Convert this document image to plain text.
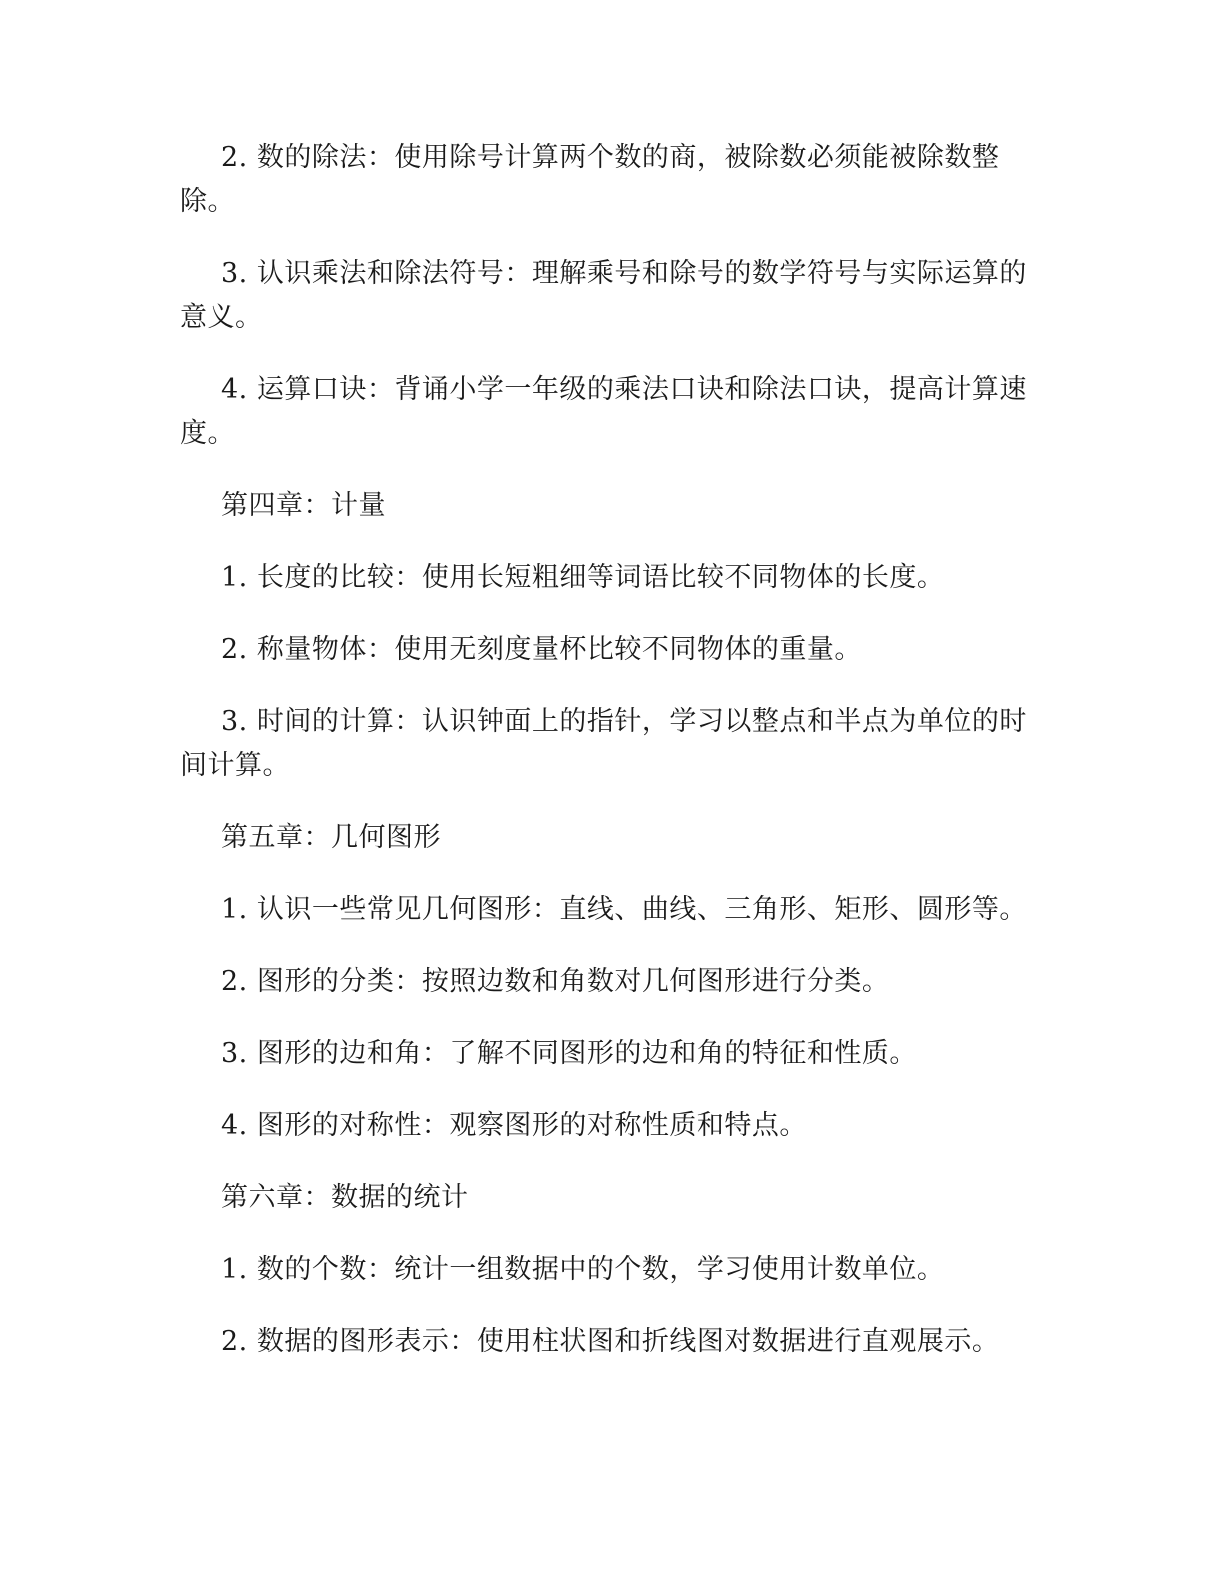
2. 数的除法：使用除号计算两个数的商，被除数必须能被除数整除。

3. 认识乘法和除法符号：理解乘号和除号的数学符号与实际运算的意义。

4. 运算口诀：背诵小学一年级的乘法口诀和除法口诀，提高计算速度。

第四章：计量

1. 长度的比较：使用长短粗细等词语比较不同物体的长度。

2. 称量物体：使用无刻度量杯比较不同物体的重量。

3. 时间的计算：认识钟面上的指针，学习以整点和半点为单位的时间计算。

第五章：几何图形

1. 认识一些常见几何图形：直线、曲线、三角形、矩形、圆形等。

2. 图形的分类：按照边数和角数对几何图形进行分类。

3. 图形的边和角：了解不同图形的边和角的特征和性质。

4. 图形的对称性：观察图形的对称性质和特点。

第六章：数据的统计

1. 数的个数：统计一组数据中的个数，学习使用计数单位。

2. 数据的图形表示：使用柱状图和折线图对数据进行直观展示。
